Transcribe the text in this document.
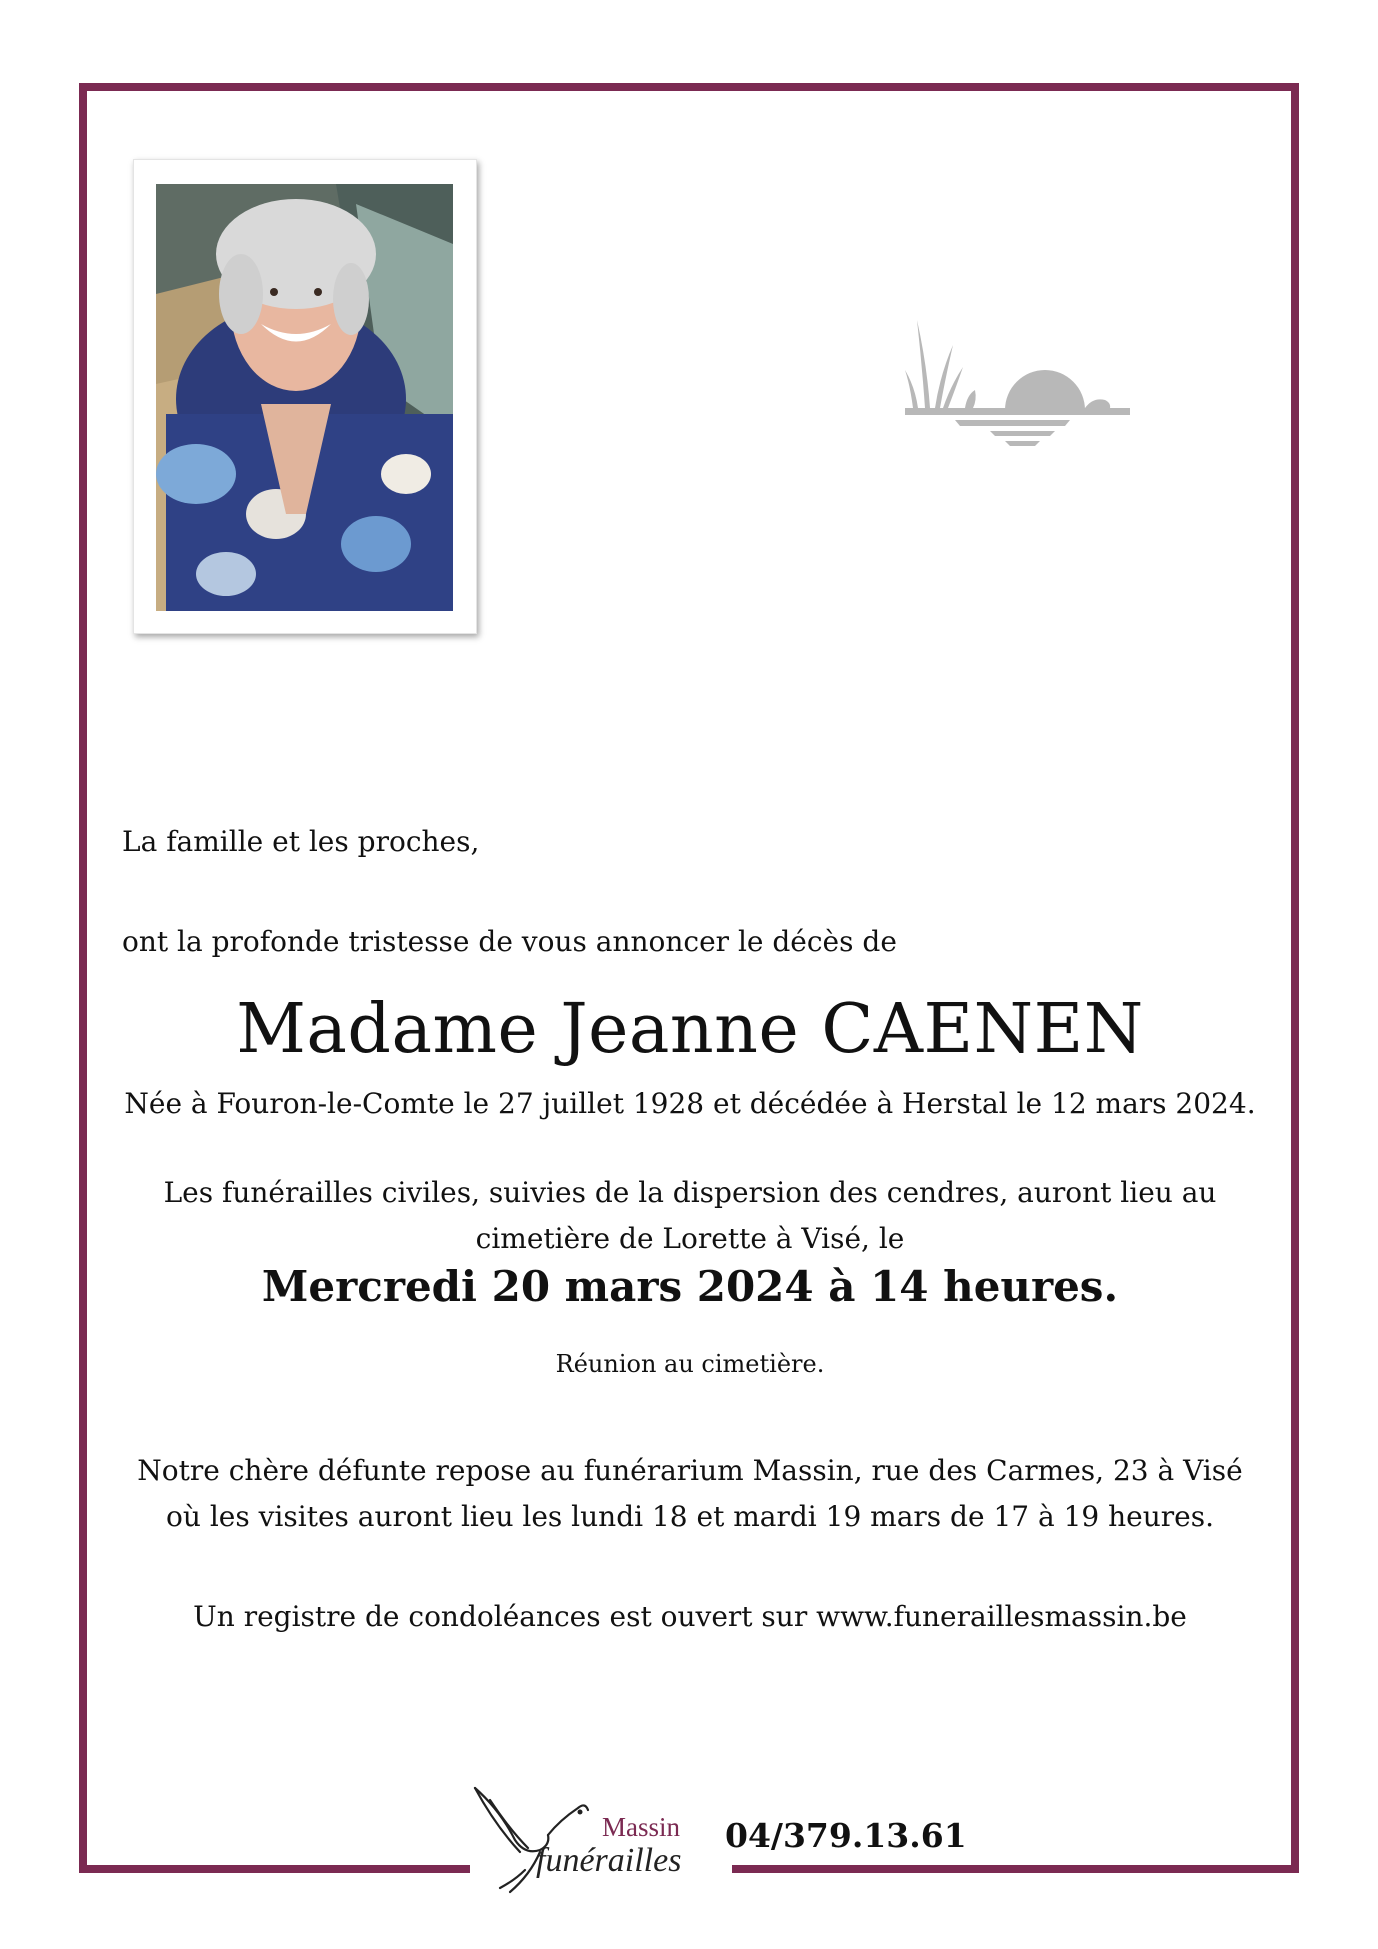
La famille et les proches,
ont la profonde tristesse de vous annoncer le décès de
Madame Jeanne CAENEN
Née à Fouron-le-Comte le 27 juillet 1928 et décédée à Herstal le 12 mars 2024.
Les funérailles civiles, suivies de la dispersion des cendres, auront lieu au
cimetière de Lorette à Visé, le
Mercredi 20 mars 2024 à 14 heures.
Réunion au cimetière.
Notre chère défunte repose au funérarium Massin, rue des Carmes, 23 à Visé
où les visites auront lieu les lundi 18 et mardi 19 mars de 17 à 19 heures.
Un registre de condoléances est ouvert sur www.funeraillesmassin.be
Massin
funérailles
04/379.13.61
